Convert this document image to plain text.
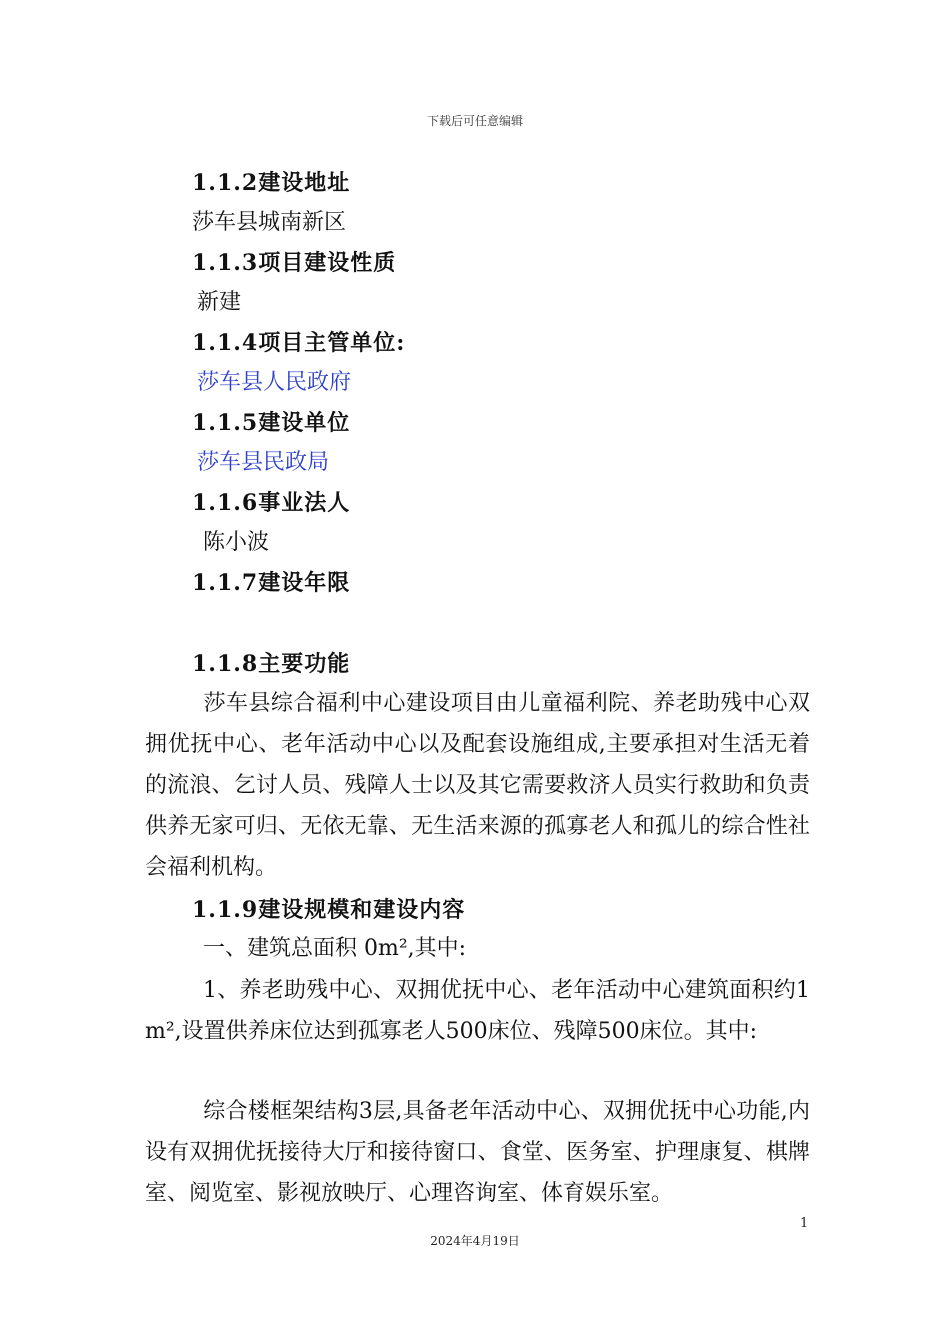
下载后可任意编辑
1.1.2建设地址
莎车县城南新区
1.1.3项目建设性质
新建
1.1.4项目主管单位:
莎车县人民政府
1.1.5建设单位
莎车县民政局
1.1.6事业法人
陈小波
1.1.7建设年限
1.1.8主要功能
莎车县综合福利中心建设项目由儿童福利院、养老助残中心双拥优抚中心、老年活动中心以及配套设施组成,主要承担对生活无着的流浪、乞讨人员、残障人士以及其它需要救济人员实行救助和负责供养无家可归、无依无靠、无生活来源的孤寡老人和孤儿的综合性社会福利机构。
1.1.9建设规模和建设内容
一、建筑总面积 0m²,其中:
1、养老助残中心、双拥优抚中心、老年活动中心建筑面积约1 m²,设置供养床位达到孤寡老人500床位、残障500床位。其中:
综合楼框架结构3层,具备老年活动中心、双拥优抚中心功能,内设有双拥优抚接待大厅和接待窗口、食堂、医务室、护理康复、棋牌室、阅览室、影视放映厅、心理咨询室、体育娱乐室。
1
2024年4月19日
